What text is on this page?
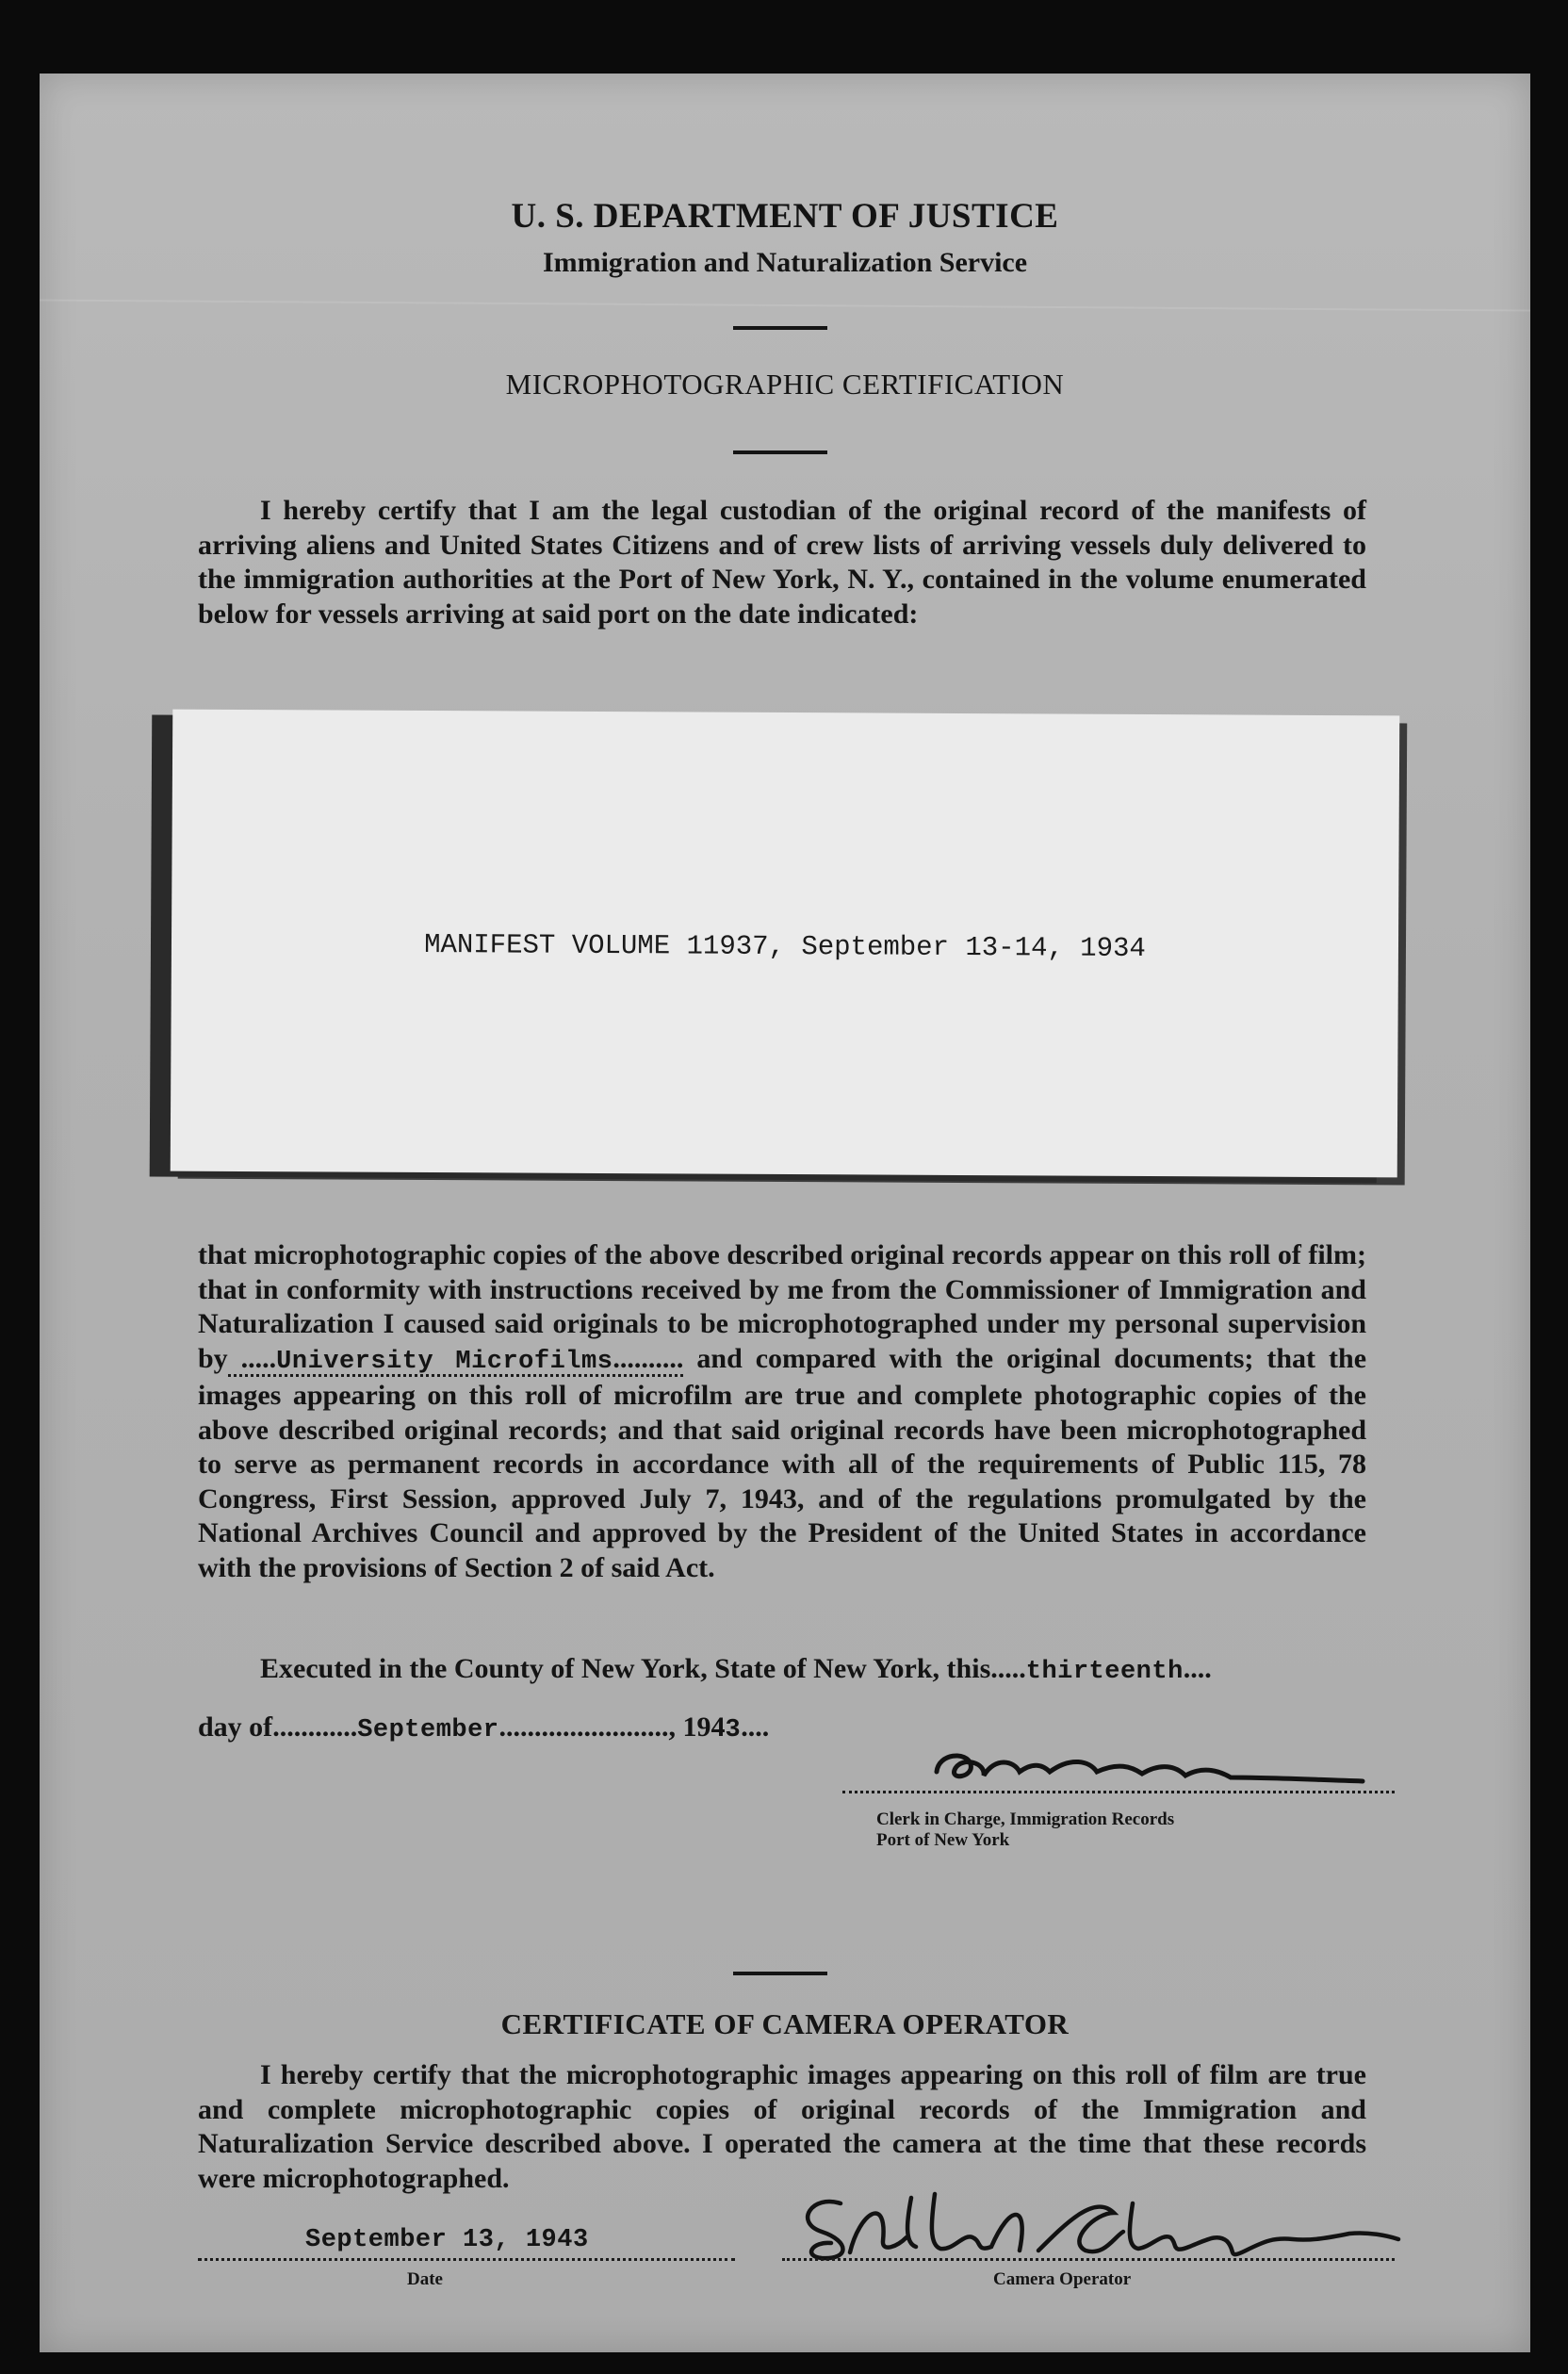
U. S. DEPARTMENT OF JUSTICE
Immigration and Naturalization Service
MICROPHOTOGRAPHIC CERTIFICATION
I hereby certify that I am the legal custodian of the original record of the manifests of arriving aliens and United States Citizens and of crew lists of arriving vessels duly delivered to the immigration authorities at the Port of New York, N. Y., contained in the volume enumerated below for vessels arriving at said port on the date indicated:
MANIFEST VOLUME 11937, September 13-14, 1934
that microphotographic copies of the above described original records appear on this roll of film; that in conformity with instructions received by me from the Commissioner of Immigration and Naturalization I caused said originals to be microphotographed under my personal supervision by .....University Microfilms.......... and compared with the original documents; that the images appearing on this roll of microfilm are true and complete photographic copies of the above described original records; and that said original records have been microphotographed to serve as permanent records in accordance with all of the requirements of Public 115, 78 Congress, First Session, approved July 7, 1943, and of the regulations promulgated by the National Archives Council and approved by the President of the United States in accordance with the provisions of Section 2 of said Act.
Executed in the County of New York, State of New York, this.....thirteenth....
day of............September........................, 1943....
Clerk in Charge, Immigration Records
Port of New York
CERTIFICATE OF CAMERA OPERATOR
I hereby certify that the microphotographic images appearing on this roll of film are true and complete microphotographic copies of original records of the Immigration and Naturalization Service described above. I operated the camera at the time that these records were microphotographed.
September 13, 1943
Date	Camera Operator
